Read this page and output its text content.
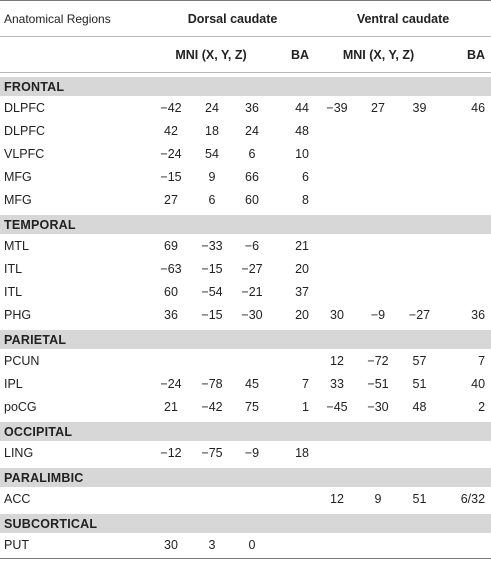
Anatomical Regions	Dorsal caudate				Ventral caudate			
	MNI (X, Y, Z)			BA	MNI (X, Y, Z)			BA

FRONTAL								
DLPFC	−42	24	36	44	−39	27	39	46
DLPFC	42	18	24	48				
VLPFC	−24	54	6	10				
MFG	−15	9	66	6				
MFG	27	6	60	8				

TEMPORAL								
MTL	69	−33	−6	21				
ITL	−63	−15	−27	20				
ITL	60	−54	−21	37				
PHG	36	−15	−30	20	30	−9	−27	36

PARIETAL								
PCUN					12	−72	57	7
IPL	−24	−78	45	7	33	−51	51	40
poCG	21	−42	75	1	−45	−30	48	2

OCCIPITAL								
LING	−12	−75	−9	18				

PARALIMBIC								
ACC					12	9	51	6/32

SUBCORTICAL								
PUT	30	3	0					
